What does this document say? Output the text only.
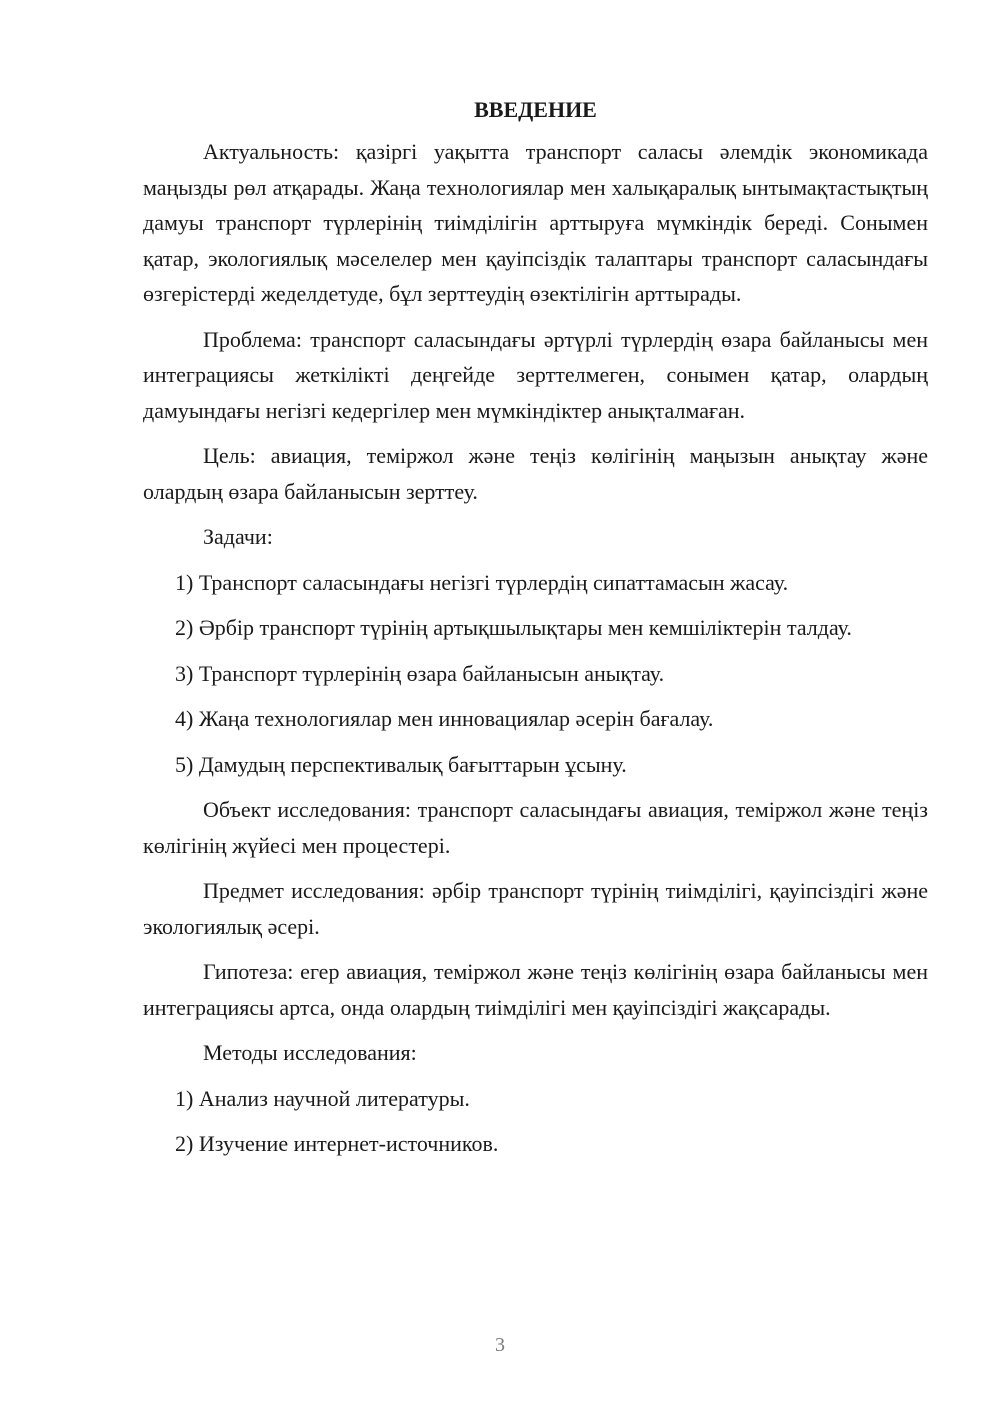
ВВЕДЕНИЕ

Актуальность: қазіргі уақытта транспорт саласы әлемдік экономикада маңызды рөл атқарады. Жаңа технологиялар мен халықаралық ынтымақтастықтың дамуы транспорт түрлерінің тиімділігін арттыруға мүмкіндік береді. Сонымен қатар, экологиялық мәселелер мен қауіпсіздік талаптары транспорт саласындағы өзгерістерді жеделдетуде, бұл зерттеудің өзектілігін арттырады.

Проблема: транспорт саласындағы әртүрлі түрлердің өзара байланысы мен интеграциясы жеткілікті деңгейде зерттелмеген, сонымен қатар, олардың дамуындағы негізгі кедергілер мен мүмкіндіктер анықталмаған.

Цель: авиация, теміржол және теңіз көлігінің маңызын анықтау және олардың өзара байланысын зерттеу.

Задачи:

1) Транспорт саласындағы негізгі түрлердің сипаттамасын жасау.

2) Әрбір транспорт түрінің артықшылықтары мен кемшіліктерін талдау.

3) Транспорт түрлерінің өзара байланысын анықтау.

4) Жаңа технологиялар мен инновациялар әсерін бағалау.

5) Дамудың перспективалық бағыттарын ұсыну.

Объект исследования: транспорт саласындағы авиация, теміржол және теңіз көлігінің жүйесі мен процестері.

Предмет исследования: әрбір транспорт түрінің тиімділігі, қауіпсіздігі және экологиялық әсері.

Гипотеза: егер авиация, теміржол және теңіз көлігінің өзара байланысы мен интеграциясы артса, онда олардың тиімділігі мен қауіпсіздігі жақсарады.

Методы исследования:

1) Анализ научной литературы.

2) Изучение интернет-источников.

3
